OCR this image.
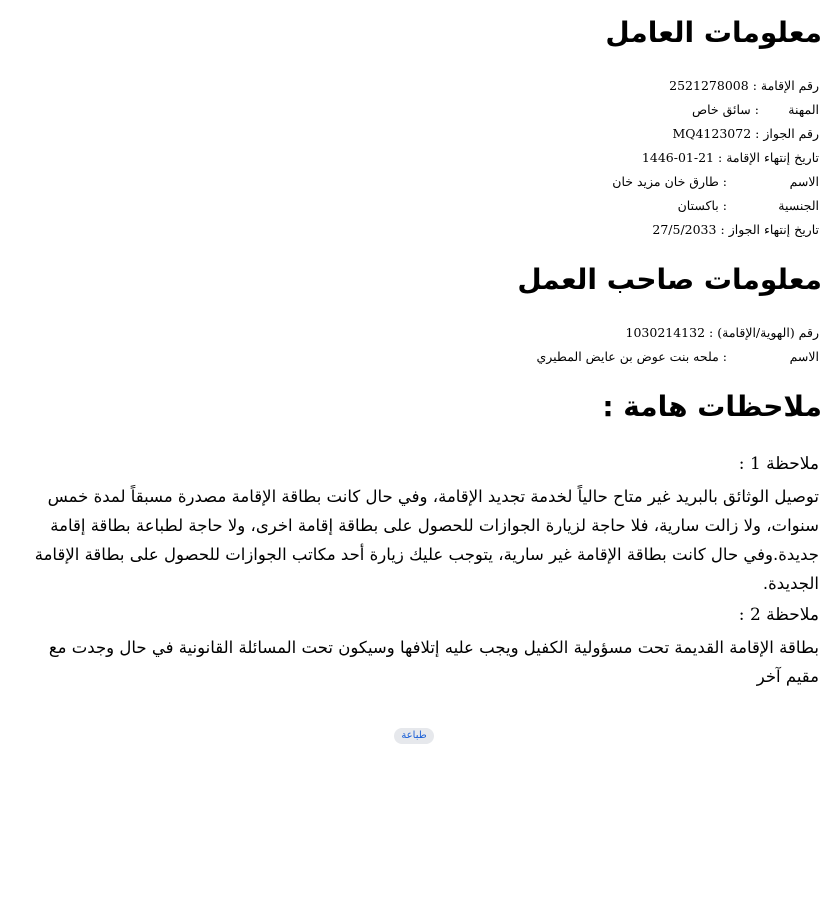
معلومات العامل
رقم الإقامة
:
2521278008
المهنة
:
سائق خاص
رقم الجواز
:
MQ4123072
تاريخ إنتهاء الإقامة
:
1446-01-21
الاسم
:
طارق خان مزيد خان
الجنسية
:
باكستان
تاريخ إنتهاء الجواز
:
27/5/2033
معلومات صاحب العمل
رقم (الهوية/الإقامة)
:
1030214132
الاسم
:
ملحه بنت عوض بن عايض المطيري
ملاحظات هامة :
ملاحظة 1 :
توصيل الوثائق بالبريد غير متاح حالياً لخدمة تجديد الإقامة، وفي حال كانت بطاقة الإقامة مصدرة مسبقاً لمدة خمس سنوات، ولا زالت سارية، فلا حاجة لزيارة الجوازات للحصول على بطاقة إقامة اخرى، ولا حاجة لطباعة بطاقة إقامة جديدة.وفي حال كانت بطاقة الإقامة غير سارية، يتوجب عليك زيارة أحد مكاتب الجوازات للحصول على بطاقة الإقامة الجديدة.
ملاحظة 2 :
بطاقة الإقامة القديمة تحت مسؤولية الكفيل ويجب عليه إتلافها وسيكون تحت المسائلة القانونية في حال وجدت مع مقيم آخر
طباعة
